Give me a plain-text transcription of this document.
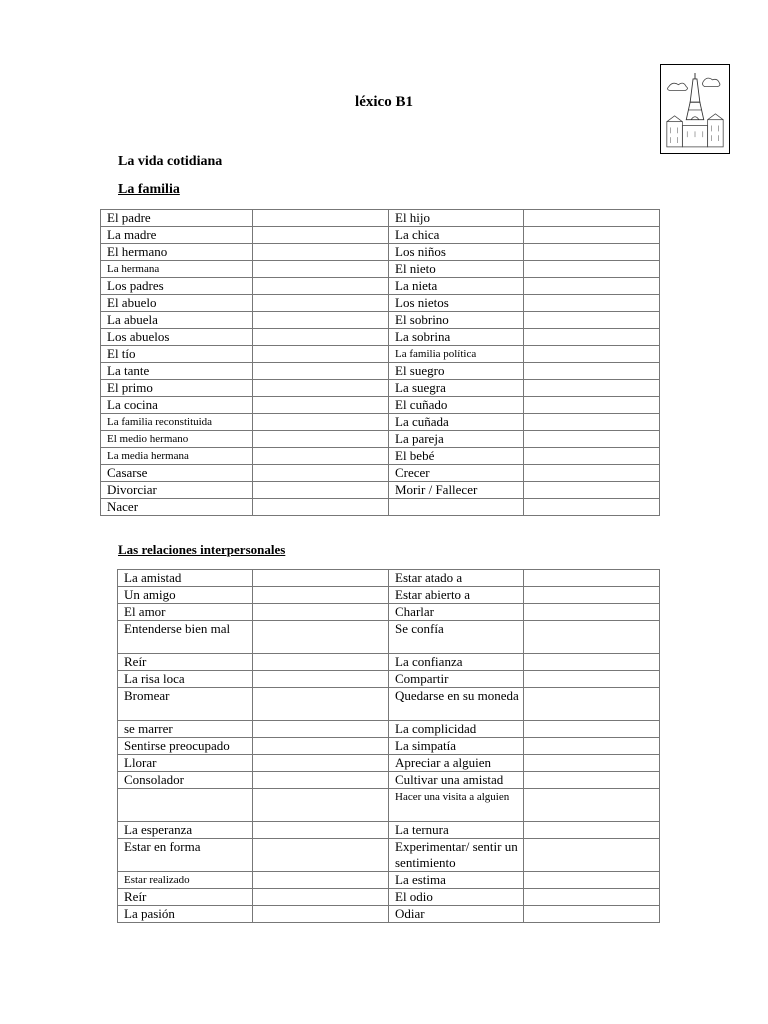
léxico B1
La vida cotidiana
La familia
El padre		El hijo	
La madre		La chica	
El hermano		Los niños	
La hermana		El nieto	
Los padres		La nieta	
El abuelo		Los nietos	
La abuela		El sobrino	
Los abuelos		La sobrina	
El tío		La familia política	
La tante		El suegro	
El primo		La suegra	
La cocina		El cuñado	
La familia reconstituida		La cuñada	
El medio hermano		La pareja	
La media hermana		El bebé	
Casarse		Crecer	
Divorciar		Morir / Fallecer	
Nacer			
Las relaciones interpersonales
La amistad		Estar atado a	
Un amigo		Estar abierto a	
El amor		Charlar	
Entenderse bien mal		Se confía	
Reír		La confianza	
La risa loca		Compartir	
Bromear		Quedarse en su moneda	
se marrer		La complicidad	
Sentirse preocupado		La simpatía	
Llorar		Apreciar a alguien	
Consolador		Cultivar una amistad	
		Hacer una visita a alguien	
La esperanza		La ternura	
Estar en forma		Experimentar/ sentir un sentimiento	
Estar realizado		La estima	
Reír		El odio	
La pasión		Odiar	
